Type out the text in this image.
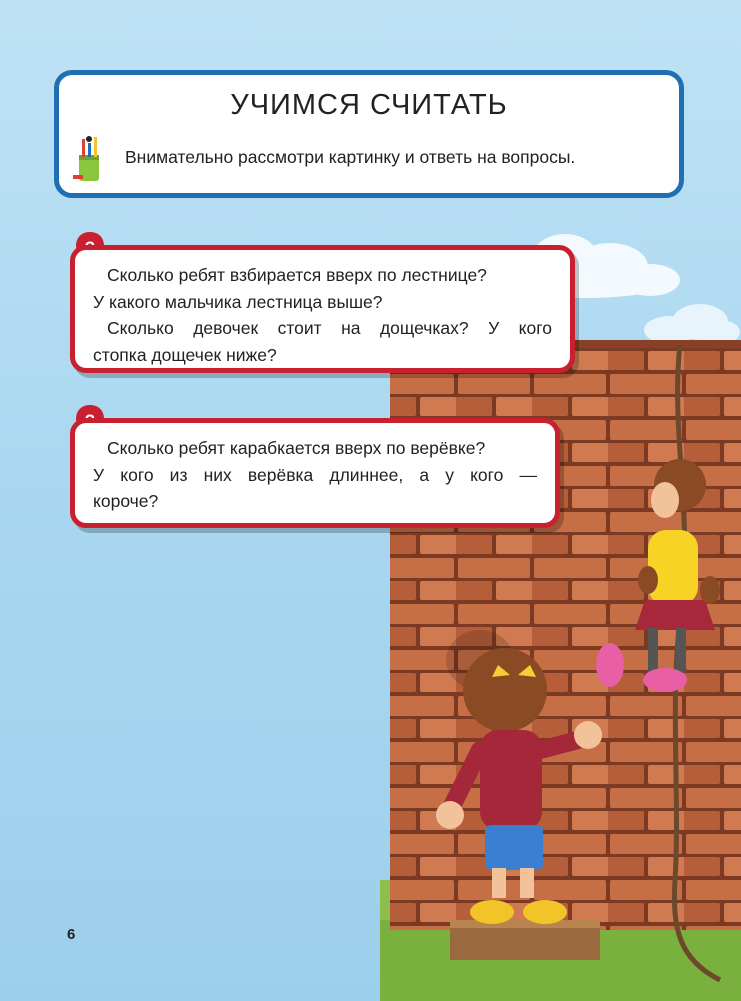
УЧИМСЯ СЧИТАТЬ
Внимательно рассмотри картинку и ответь на вопросы.
Сколько ребят взбирается вверх по лестнице?
У какого мальчика лестница выше?
Сколько девочек стоит на дощечках? У кого
стопка дощечек ниже?
Сколько ребят карабкается вверх по верёвке?
У кого из них верёвка длиннее, а у кого —
короче?
6
